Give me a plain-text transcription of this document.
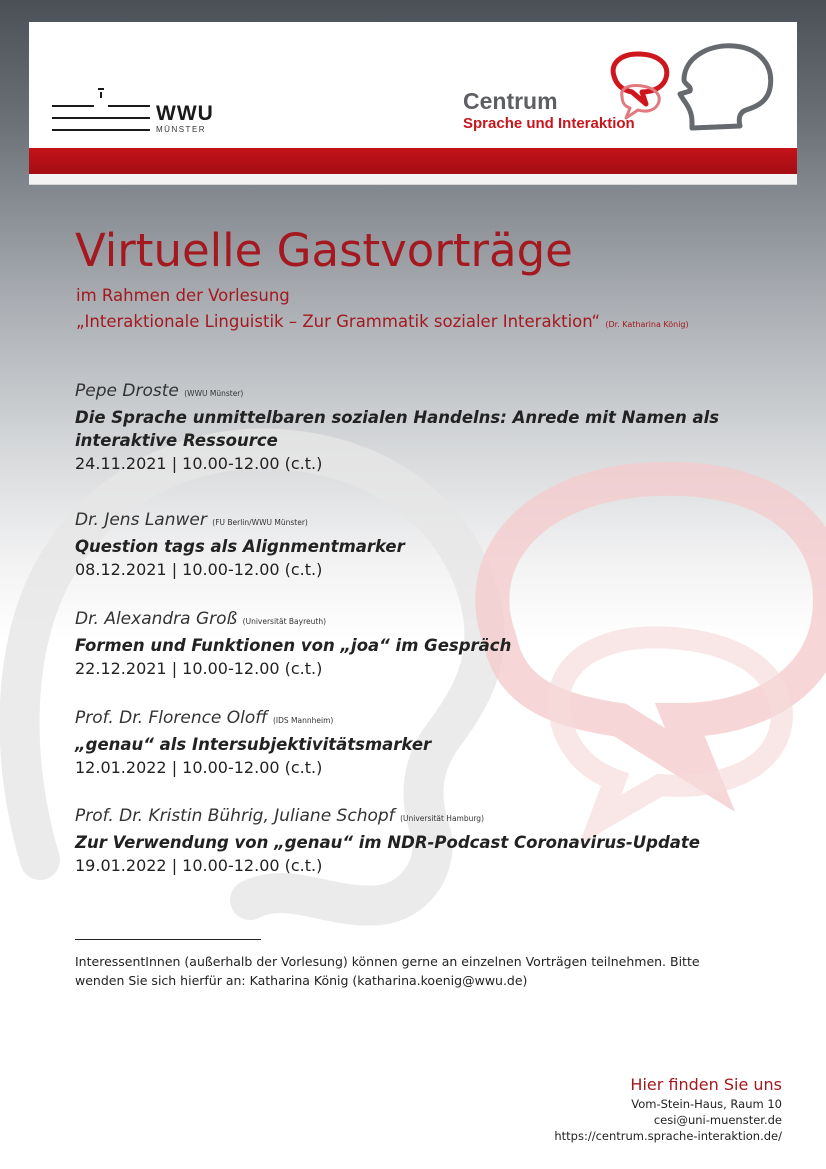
WWU
MÜNSTER
Centrum
Sprache und Interaktion
Virtuelle Gastvorträge
im Rahmen der Vorlesung
„Interaktionale Linguistik – Zur Grammatik sozialer Interaktion“ (Dr. Katharina König)
Pepe Droste (WWU Münster)
Die Sprache unmittelbaren sozialen Handelns: Anrede mit Namen als
interaktive Ressource
24.11.2021 | 10.00-12.00 (c.t.)
Dr. Jens Lanwer (FU Berlin/WWU Münster)
Question tags als Alignmentmarker
08.12.2021 | 10.00-12.00 (c.t.)
Dr. Alexandra Groß (Universität Bayreuth)
Formen und Funktionen von „joa“ im Gespräch
22.12.2021 | 10.00-12.00 (c.t.)
Prof. Dr. Florence Oloff (IDS Mannheim)
„genau“ als Intersubjektivitätsmarker
12.01.2022 | 10.00-12.00 (c.t.)
Prof. Dr. Kristin Bührig, Juliane Schopf (Universität Hamburg)
Zur Verwendung von „genau“ im NDR-Podcast Coronavirus-Update
19.01.2022 | 10.00-12.00 (c.t.)
InteressentInnen (außerhalb der Vorlesung) können gerne an einzelnen Vorträgen teilnehmen. Bitte
wenden Sie sich hierfür an: Katharina König (katharina.koenig@wwu.de)
Hier finden Sie uns
Vom-Stein-Haus, Raum 10
cesi@uni-muenster.de
https://centrum.sprache-interaktion.de/
